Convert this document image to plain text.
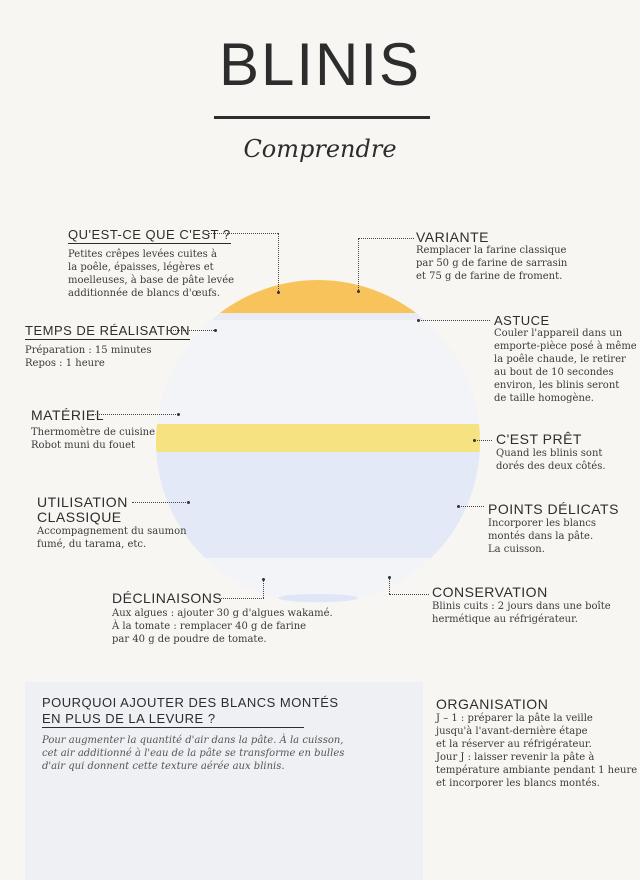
BLINIS
Comprendre
QU'EST-CE QUE C'EST ?
Petites crêpes levées cuites à
la poêle, épaisses, légères et
moelleuses, à base de pâte levée
additionnée de blancs d'œufs.
VARIANTE
Remplacer la farine classique
par 50 g de farine de sarrasin
et 75 g de farine de froment.
TEMPS DE RÉALISATION
Préparation : 15 minutes
Repos : 1 heure
ASTUCE
Couler l'appareil dans un
emporte-pièce posé à même
la poêle chaude, le retirer
au bout de 10 secondes
environ, les blinis seront
de taille homogène.
MATÉRIEL
Thermomètre de cuisine
Robot muni du fouet	C'EST PRÊT
Quand les blinis sont
dorés des deux côtés.
UTILISATION
CLASSIQUE
Accompagnement du saumon
fumé, du tarama, etc.
POINTS DÉLICATS
Incorporer les blancs
montés dans la pâte.
La cuisson.
DÉCLINAISONS
Aux algues : ajouter 30 g d'algues wakamé.
À la tomate : remplacer 40 g de farine
par 40 g de poudre de tomate.
CONSERVATION
Blinis cuits : 2 jours dans une boîte
hermétique au réfrigérateur.
POURQUOI AJOUTER DES BLANCS MONTÉS
EN PLUS DE LA LEVURE ?
Pour augmenter la quantité d'air dans la pâte. À la cuisson,
cet air additionné à l'eau de la pâte se transforme en bulles
d'air qui donnent cette texture aérée aux blinis.
ORGANISATION
J – 1 : préparer la pâte la veille
jusqu'à l'avant-dernière étape
et la réserver au réfrigérateur.
Jour J : laisser revenir la pâte à
température ambiante pendant 1 heure
et incorporer les blancs montés.
